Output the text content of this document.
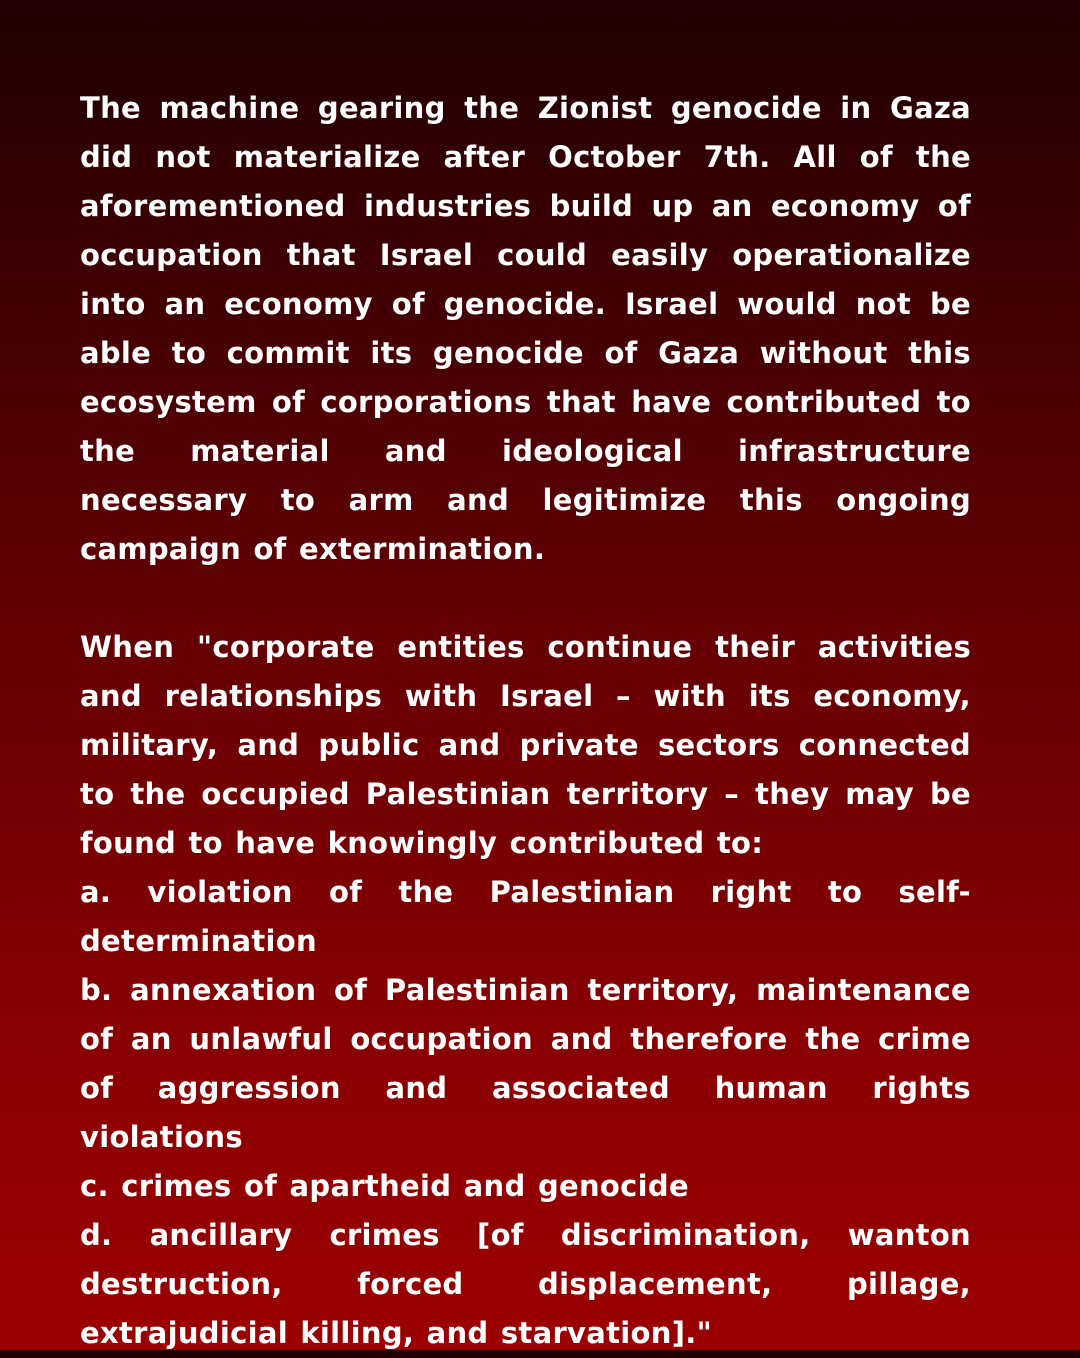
The machine gearing the Zionist genocide in Gaza did not materialize after October 7th. All of the aforementioned industries build up an economy of occupation that Israel could easily operationalize into an economy of genocide. Israel would not be able to commit its genocide of Gaza without this ecosystem of corporations that have contributed to the material and ideological infrastructure necessary to arm and legitimize this ongoing campaign of extermination.

When "corporate entities continue their activities and relationships with Israel – with its economy, military, and public and private sectors connected to the occupied Palestinian territory – they may be found to have knowingly contributed to:

a. violation of the Palestinian right to self-determination

b. annexation of Palestinian territory, maintenance of an unlawful occupation and therefore the crime of aggression and associated human rights violations

c. crimes of apartheid and genocide

d. ancillary crimes [of discrimination, wanton destruction, forced displacement, pillage, extrajudicial killing, and starvation]."
